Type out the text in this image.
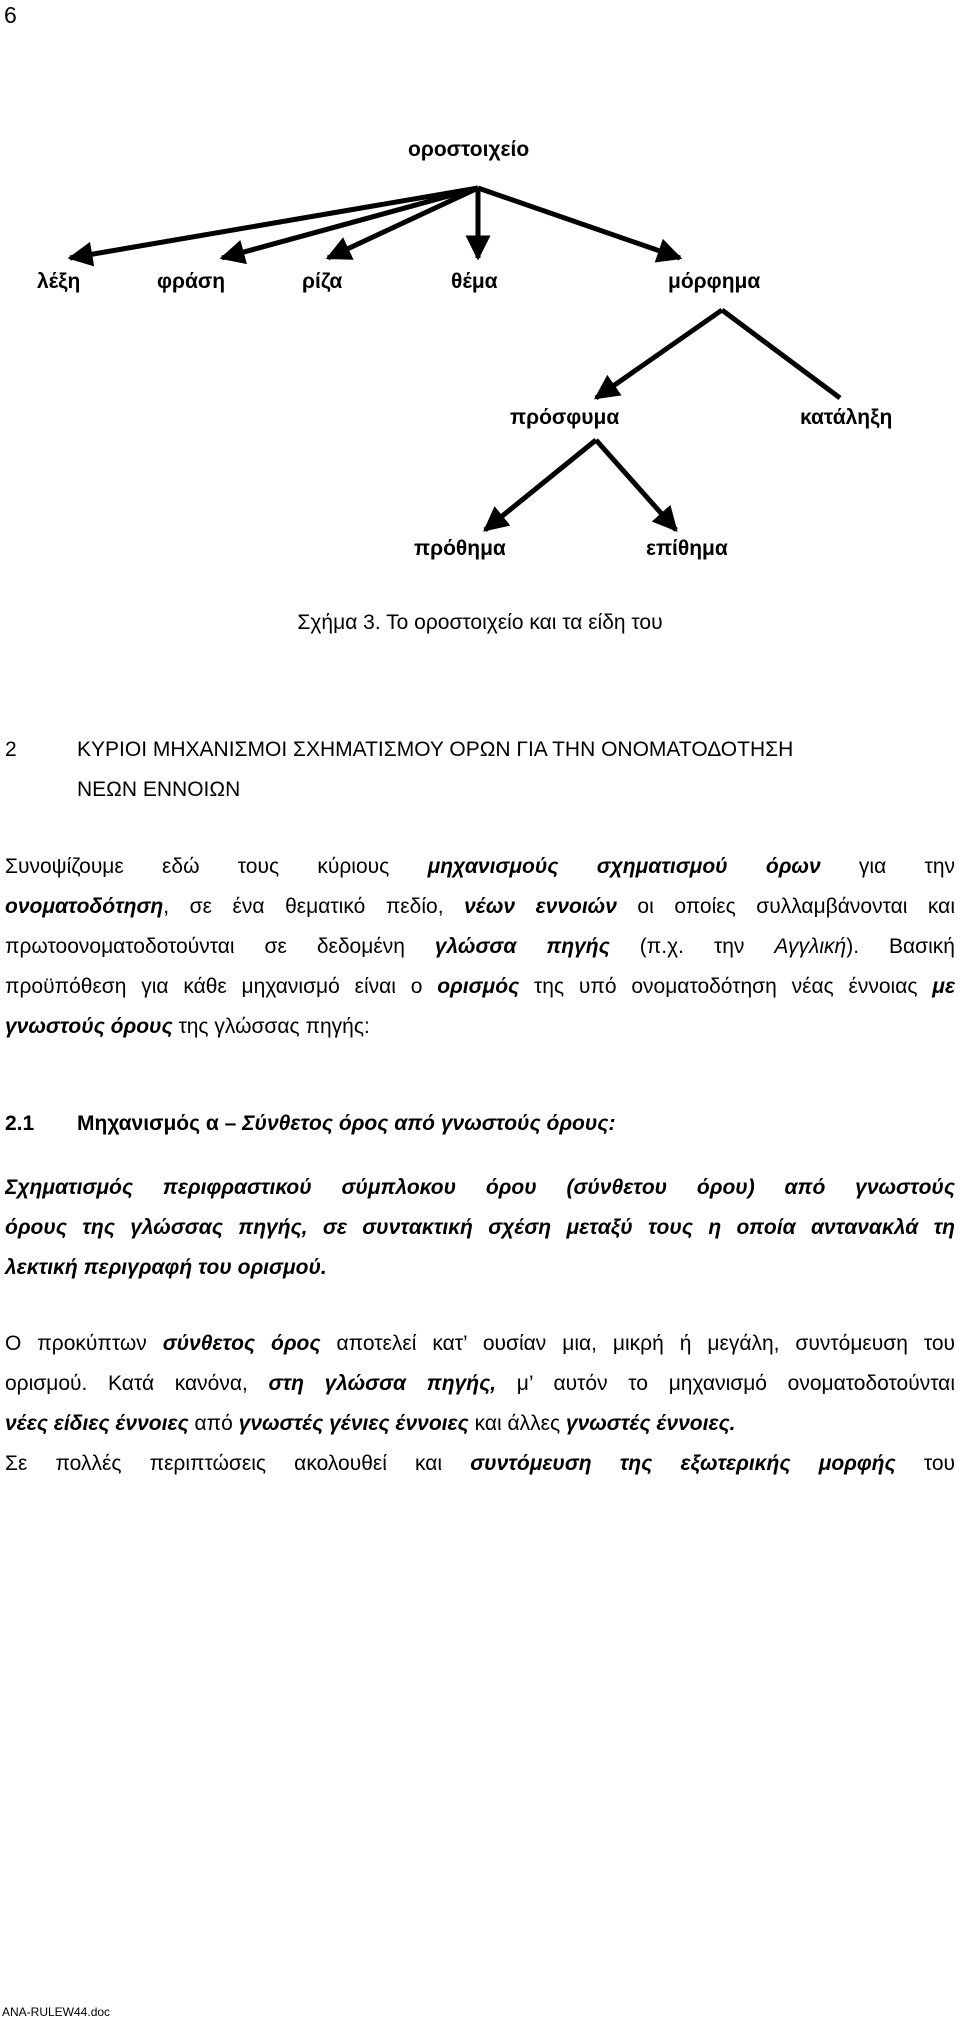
6
οροστοιχείο
λέξη	φράση	ρίζα	θέμα	μόρφημα
πρόσφυμα	κατάληξη
πρόθημα	επίθημα
Σχήμα 3. Το οροστοιχείο και τα είδη του
2	ΚΥΡΙΟΙ ΜΗΧΑΝΙΣΜΟΙ ΣΧΗΜΑΤΙΣΜΟΥ ΟΡΩΝ ΓΙΑ ΤΗΝ ΟΝΟΜΑΤΟΔΟΤΗΣΗ
ΝΕΩΝ ΕΝΝΟΙΩΝ
Συνοψίζουμε εδώ τους κύριους μηχανισμούς σχηματισμού όρων για την
ονοματοδότηση, σε ένα θεματικό πεδίο, νέων εννοιών οι οποίες συλλαμβάνονται και
πρωτοονοματοδοτούνται σε δεδομένη γλώσσα πηγής (π.χ. την Αγγλική). Βασική
προϋπόθεση για κάθε μηχανισμό είναι ο ορισμός της υπό ονοματοδότηση νέας έννοιας με
γνωστούς όρους της γλώσσας πηγής:
2.1 Μηχανισμός α – Σύνθετος όρος από γνωστούς όρους:
Σχηματισμός περιφραστικού σύμπλοκου όρου (σύνθετου όρου) από γνωστούς
όρους της γλώσσας πηγής, σε συντακτική σχέση μεταξύ τους η οποία αντανακλά τη
λεκτική περιγραφή του ορισμού.
Ο προκύπτων σύνθετος όρος αποτελεί κατ’ ουσίαν μια, μικρή ή μεγάλη, συντόμευση του
ορισμού. Κατά κανόνα, στη γλώσσα πηγής, μ’ αυτόν το μηχανισμό ονοματοδοτούνται
νέες είδιες έννοιες από γνωστές γένιες έννοιες και άλλες γνωστές έννοιες.
Σε πολλές περιπτώσεις ακολουθεί και συντόμευση της εξωτερικής μορφής του
ANA-RULEW44.doc
